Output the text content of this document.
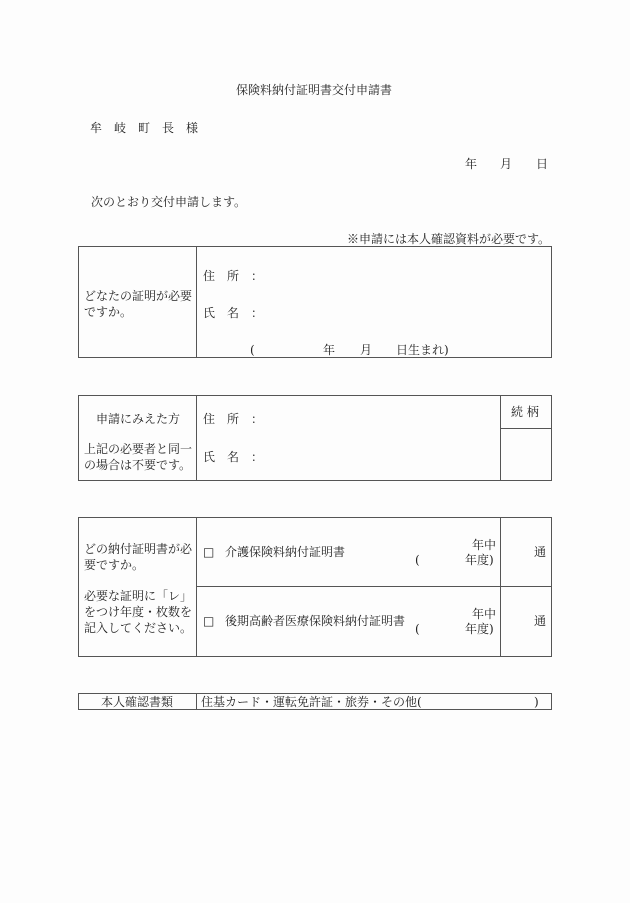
保険料納付証明書交付申請書
牟　岐　町　長　様
年 月 日
次のとおり交付申請します。
※申請には本人確認資料が必要です。
どなたの証明が必要ですか。
住　所　：
氏　名　：
(	年 月 日生まれ)
申請にみえた方
上記の必要者と同一の場合は不要です。
住　所　：
氏　名　：
続 柄
どの納付証明書が必要ですか。
必要な証明に「レ」をつけ年度・枚数を記入してください。
□ 介護保険料納付証明書
(
年中
年度)
通
□ 後期高齢者医療保険料納付証明書
(
年中
年度)
通
本人確認書類 住基カード・運転免許証・旅券・その他(	)
